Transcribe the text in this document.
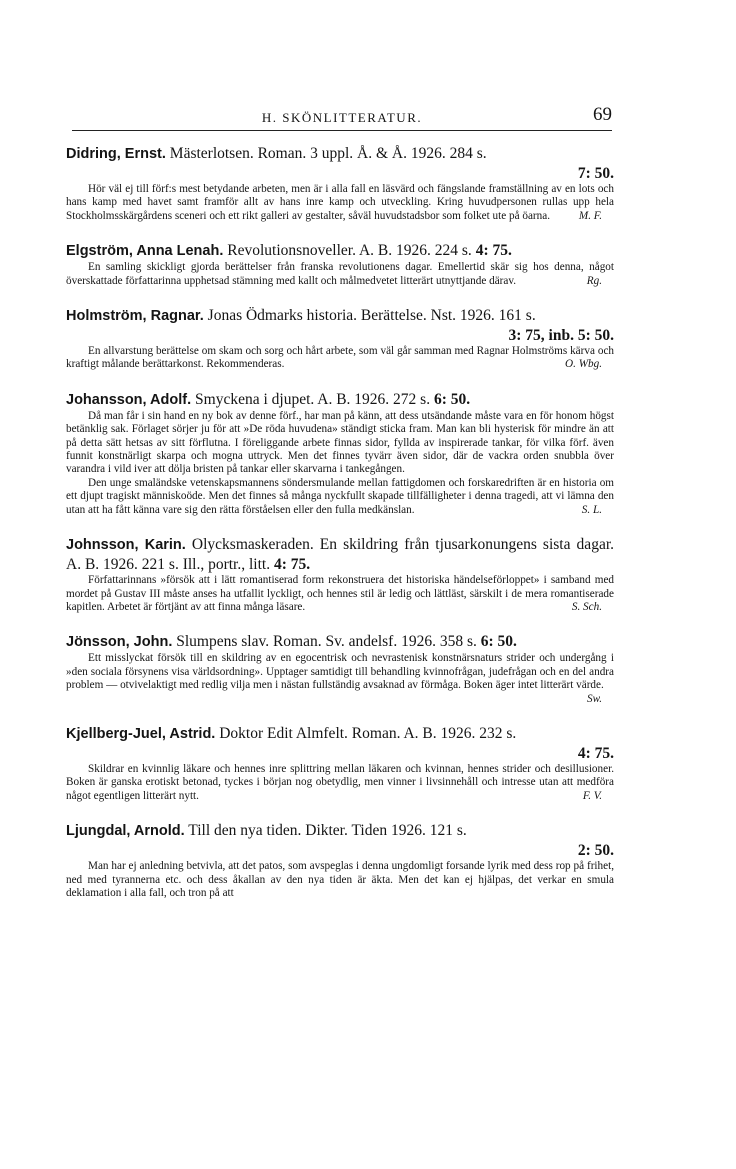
H. SKÖNLITTERATUR.	69
Didring, Ernst. Mästerlotsen. Roman. 3 uppl. Å. & Å. 1926. 284 s.
7: 50.

Hör väl ej till förf:s mest betydande arbeten, men är i alla fall en läsvärd och fängslande framställning av en lots och hans kamp med havet samt framför allt av hans inre kamp och utveckling. Kring huvudpersonen rullas upp hela Stockholmsskärgårdens sceneri och ett rikt galleri av gestalter, såväl huvudstadsbor som folket ute på öarna.	M. F.

Elgström, Anna Lenah. Revolutionsnoveller. A. B. 1926. 224 s. 4: 75.

En samling skickligt gjorda berättelser från franska revolutionens dagar. Emellertid skär sig hos denna, något överskattade författarinna upphetsad stämning med kallt och målmedvetet litterärt utnyttjande därav.	Rg.

Holmström, Ragnar. Jonas Ödmarks historia. Berättelse. Nst. 1926. 161 s.
3: 75, inb. 5: 50.

En allvarstung berättelse om skam och sorg och hårt arbete, som väl går samman med Ragnar Holmströms kärva och kraftigt målande berättarkonst. Rekommenderas.	O. Wbg.

Johansson, Adolf. Smyckena i djupet. A. B. 1926. 272 s. 6: 50.

Då man får i sin hand en ny bok av denne förf., har man på känn, att dess utsändande måste vara en för honom högst betänklig sak. Förlaget sörjer ju för att »De röda huvudena» ständigt sticka fram. Man kan bli hysterisk för mindre än att på detta sätt hetsas av sitt förflutna. I föreliggande arbete finnas sidor, fyllda av inspirerade tankar, för vilka förf. även funnit konstnärligt skarpa och mogna uttryck. Men det finnes tyvärr även sidor, där de vackra orden snubbla över varandra i vild iver att dölja bristen på tankar eller skarvarna i tankegången.

Den unge smaländske vetenskapsmannens söndersmulande mellan fattigdomen och forskaredriften är en historia om ett djupt tragiskt människoöde. Men det finnes så många nyckfullt skapade tillfälligheter i denna tragedi, att vi lämna den utan att ha fått känna vare sig den rätta förståelsen eller den fulla medkänslan.	S. L.

Johnsson, Karin. Olycksmaskeraden. En skildring från tjusarkonungens sista dagar. A. B. 1926. 221 s. Ill., portr., litt. 4: 75.

Författarinnans »försök att i lätt romantiserad form rekonstruera det historiska händelseförloppet» i samband med mordet på Gustav III måste anses ha utfallit lyckligt, och hennes stil är ledig och lättläst, särskilt i de mera romantiserade kapitlen. Arbetet är förtjänt av att finna många läsare.	S. Sch.

Jönsson, John. Slumpens slav. Roman. Sv. andelsf. 1926. 358 s. 6: 50.

Ett misslyckat försök till en skildring av en egocentrisk och nevrastenisk konstnärsnaturs strider och undergång i »den sociala försynens visa världsordning». Upptager samtidigt till behandling kvinnofrågan, judefrågan och en del andra problem — otvivelaktigt med redlig vilja men i nästan fullständig avsaknad av förmåga. Boken äger intet litterärt värde.
Sw.

Kjellberg-Juel, Astrid. Doktor Edit Almfelt. Roman. A. B. 1926. 232 s.
4: 75.

Skildrar en kvinnlig läkare och hennes inre splittring mellan läkaren och kvinnan, hennes strider och desillusioner. Boken är ganska erotiskt betonad, tyckes i början nog obetydlig, men vinner i livsinnehåll och intresse utan att medföra något egentligen litterärt nytt.	F. V.

Ljungdal, Arnold. Till den nya tiden. Dikter. Tiden 1926. 121 s.
2: 50.

Man har ej anledning betvivla, att det patos, som avspeglas i denna ungdomligt forsande lyrik med dess rop på frihet, ned med tyrannerna etc. och dess åkallan av den nya tiden är äkta. Men det kan ej hjälpas, det verkar en smula deklamation i alla fall, och tron på att
